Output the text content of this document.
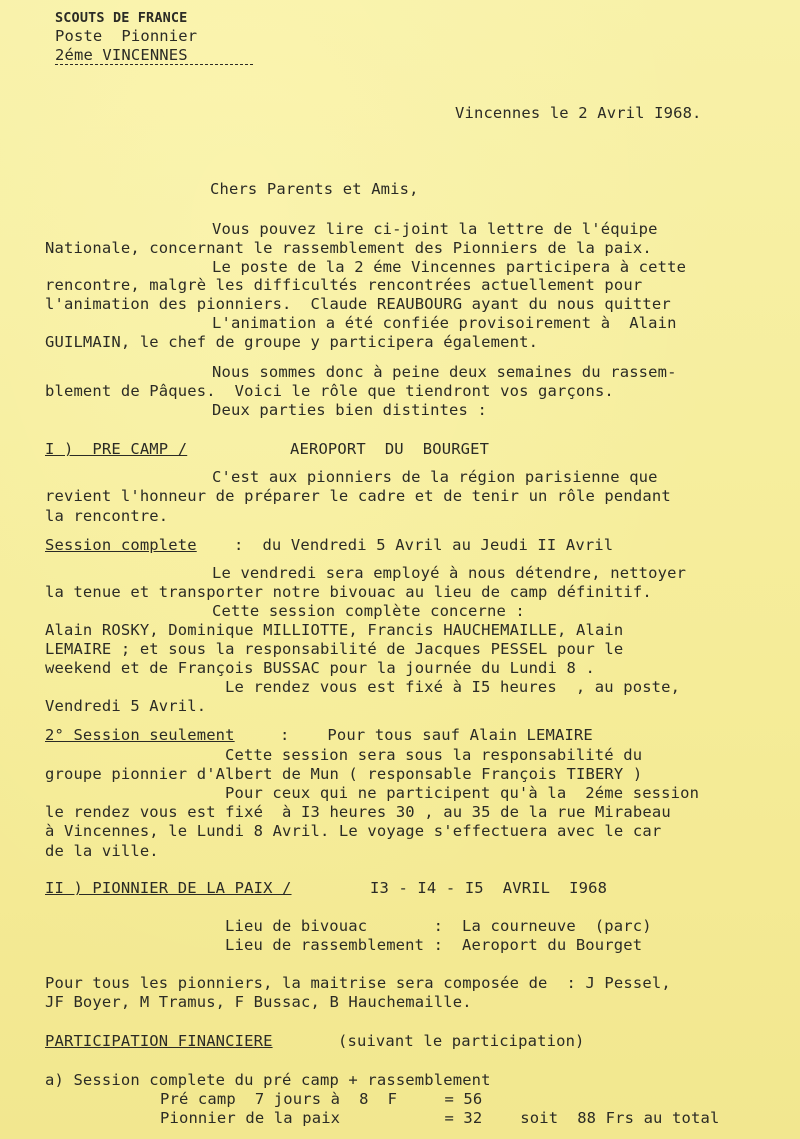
SCOUTS DE FRANCE
Poste  Pionnier
2éme VINCENNES
Vincennes le 2 Avril I968.
Chers Parents et Amis,
Vous pouvez lire ci-joint la lettre de l'équipe
Nationale, concernant le rassemblement des Pionniers de la paix.
Le poste de la 2 éme Vincennes participera à cette
rencontre, malgrè les difficultés rencontrées actuellement pour
l'animation des pionniers.  Claude REAUBOURG ayant du nous quitter
L'animation a été confiée provisoirement à  Alain
GUILMAIN, le chef de groupe y participera également.
Nous sommes donc à peine deux semaines du rassem-
blement de Pâques.  Voici le rôle que tiendront vos garçons.
Deux parties bien distintes :
I )  PRE CAMP /	AEROPORT  DU  BOURGET
C'est aux pionniers de la région parisienne que
revient l'honneur de préparer le cadre et de tenir un rôle pendant
la rencontre.
Session complete :  du Vendredi 5 Avril au Jeudi II Avril
Le vendredi sera employé à nous détendre, nettoyer
la tenue et transporter notre bivouac au lieu de camp définitif.
Cette session complète concerne :
Alain ROSKY, Dominique MILLIOTTE, Francis HAUCHEMAILLE, Alain
LEMAIRE ; et sous la responsabilité de Jacques PESSEL pour le
weekend et de François BUSSAC pour la journée du Lundi 8 .
Le rendez vous est fixé à I5 heures  , au poste,
Vendredi 5 Avril.
2° Session seulement	:    Pour tous sauf Alain LEMAIRE
Cette session sera sous la responsabilité du
groupe pionnier d'Albert de Mun ( responsable François TIBERY )
Pour ceux qui ne participent qu'à la  2éme session
le rendez vous est fixé  à I3 heures 30 , au 35 de la rue Mirabeau
à Vincennes, le Lundi 8 Avril. Le voyage s'effectuera avec le car
de la ville.
II ) PIONNIER DE LA PAIX /	I3 - I4 - I5  AVRIL  I968
Lieu de bivouac       :  La courneuve  (parc)
Lieu de rassemblement :  Aeroport du Bourget
Pour tous les pionniers, la maitrise sera composée de  : J Pessel,
JF Boyer, M Tramus, F Bussac, B Hauchemaille.
PARTICIPATION FINANCIERE	(suivant le participation)
a) Session complete du pré camp + rassemblement
Pré camp  7 jours à  8  F     = 56
Pionnier de la paix           = 32    soit  88 Frs au total
